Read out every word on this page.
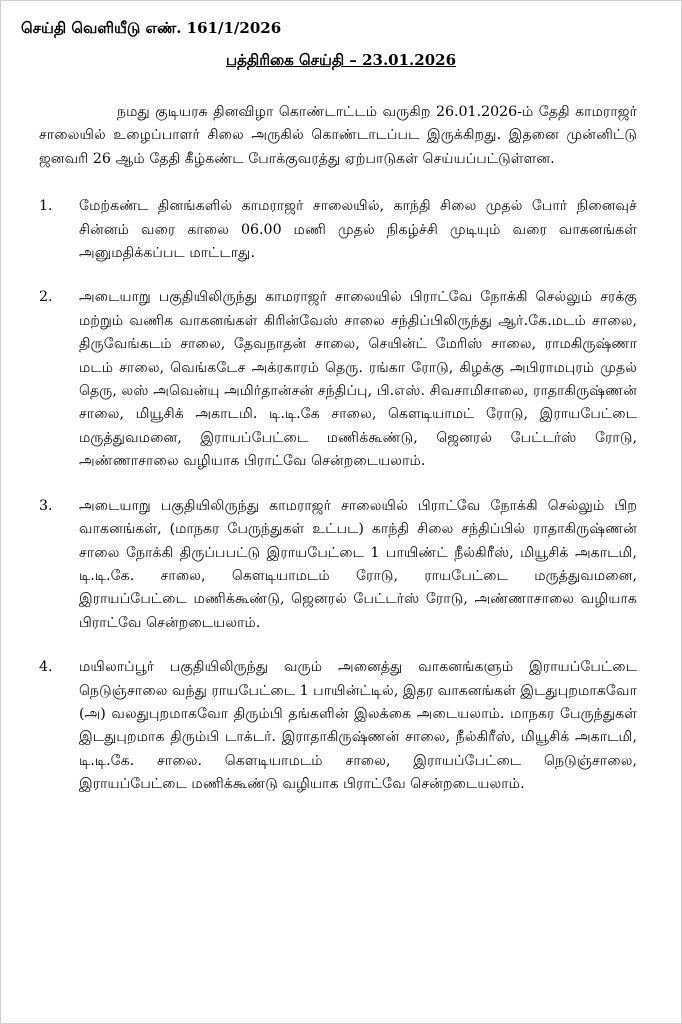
செய்தி வெளியீடு எண். 161/1/2026
பத்திரிகை செய்தி – 23.01.2026

நமது குடியரசு தினவிழா கொண்டாட்டம் வருகிற 26.01.2026-ம் தேதி காமராஜர் சாலையில் உழைப்பாளர் சிலை அருகில் கொண்டாடப்பட இருக்கிறது. இதனை முன்னிட்டு ஜனவரி 26 ஆம் தேதி கீழ்கண்ட போக்குவரத்து ஏற்பாடுகள் செய்யப்பட்டுள்ளன.

1. மேற்கண்ட தினங்களில் காமராஜர் சாலையில், காந்தி சிலை முதல் போர் நினைவுச் சின்னம் வரை காலை 06.00 மணி முதல் நிகழ்ச்சி முடியும் வரை வாகனங்கள் அனுமதிக்கப்பட மாட்டாது.
2. அடையாறு பகுதியிலிருந்து காமராஜர் சாலையில் பிராட்வே நோக்கி செல்லும் சரக்கு மற்றும் வணிக வாகனங்கள் கிரின்வேஸ் சாலை சந்திப்பிலிருந்து ஆர்.கே.மடம் சாலை, திருவேங்கடம் சாலை, தேவநாதன் சாலை, செயின்ட் மேரிஸ் சாலை, ராமகிருஷ்ணா மடம் சாலை, வெங்கடேச அக்ரகாரம் தெரு. ரங்கா ரோடு, கிழக்கு அபிராமபுரம் முதல் தெரு, லஸ் அவென்யு அமிர்தான்சன் சந்திப்பு, பி.எஸ். சிவசாமிசாலை, ராதாகிருஷ்ணன் சாலை, மியூசிக் அகாடமி. டி.டி.கே சாலை, கௌடியாமட் ரோடு, இராயபேட்டை மருத்துவமனை, இராயப்பேட்டை மணிக்கூண்டு, ஜெனரல் பேட்டர்ஸ் ரோடு, அண்ணாசாலை வழியாக பிராட்வே சென்றடையலாம்.
3. அடையாறு பகுதியிலிருந்து காமராஜர் சாலையில் பிராட்வே நோக்கி செல்லும் பிற வாகனங்கள், (மாநகர பேருந்துகள் உட்பட) காந்தி சிலை சந்திப்பில் ராதாகிருஷ்ணன் சாலை நோக்கி திருப்பபட்டு இராயபேட்டை 1 பாயிண்ட் நீல்கிரீஸ், மியூசிக் அகாடமி, டி.டி.கே. சாலை, கௌடியாமடம் ரோடு, ராயபேட்டை மருத்துவமனை, இராயப்பேட்டை மணிக்கூண்டு, ஜெனரல் பேட்டர்ஸ் ரோடு, அண்ணாசாலை வழியாக பிராட்வே சென்றடையலாம்.
4. மயிலாப்பூர் பகுதியிலிருந்து வரும் அனைத்து வாகனங்களும் இராயப்பேட்டை நெடுஞ்சாலை வந்து ராயபேட்டை 1 பாயின்ட்டில், இதர வாகனங்கள் இடதுபுறமாகவோ (அ) வலதுபுறமாகவோ திரும்பி தங்களின் இலக்கை அடையலாம். மாநகர பேருந்துகள் இடதுபுறமாக திரும்பி டாக்டர். இராதாகிருஷ்ணன் சாலை, நீல்கிரீஸ், மியூசிக் அகாடமி, டி.டி.கே. சாலை. கௌடியாமடம் சாலை, இராயப்பேட்டை நெடுஞ்சாலை, இராயப்பேட்டை மணிக்கூண்டு வழியாக பிராட்வே சென்றடையலாம்.
